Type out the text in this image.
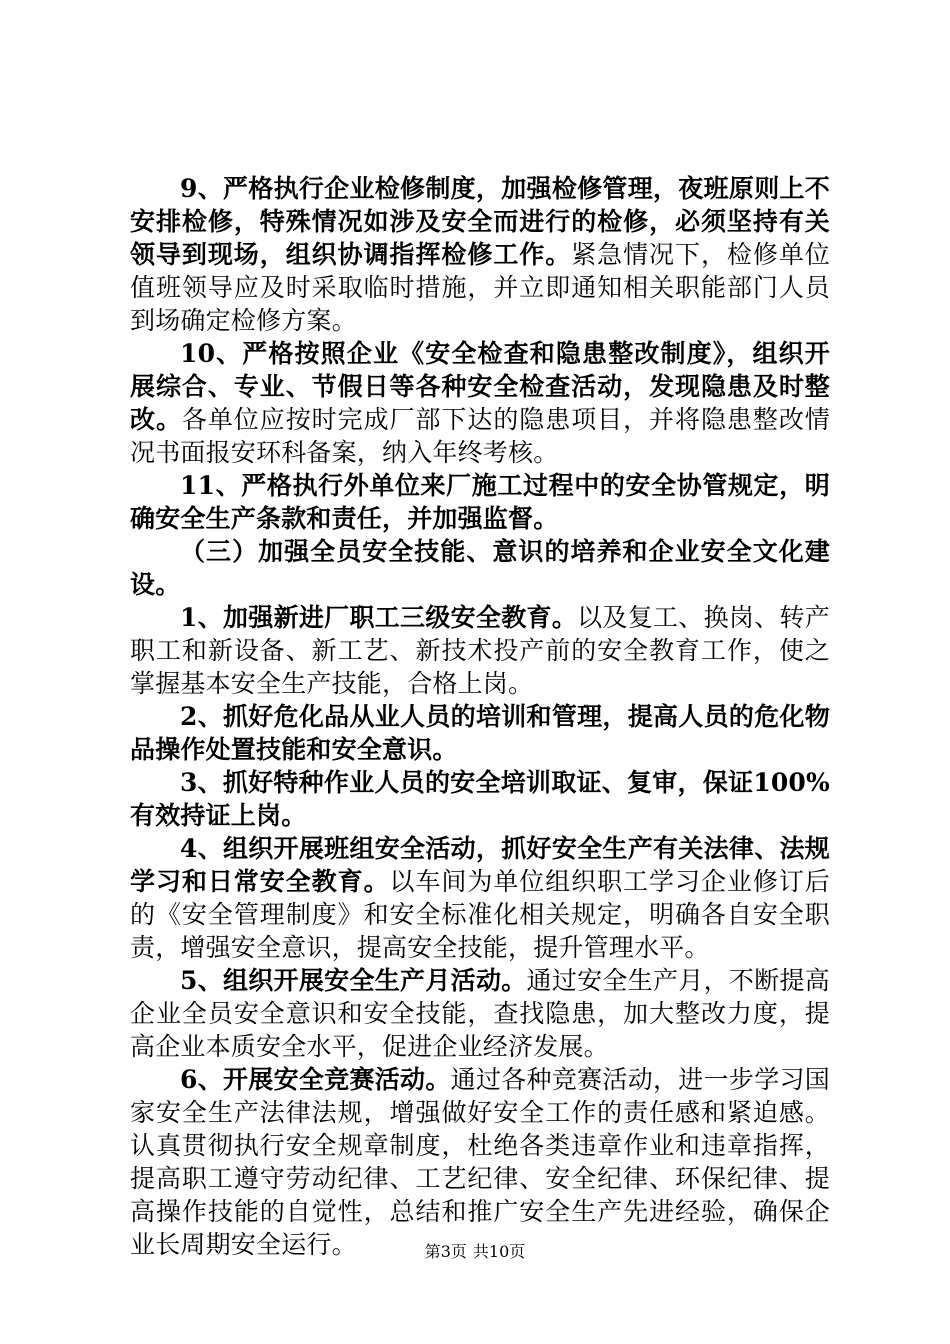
9、严格执行企业检修制度，加强检修管理，夜班原则上不安排检修，特殊情况如涉及安全而进行的检修，必须坚持有关领导到现场，组织协调指挥检修工作。紧急情况下，检修单位值班领导应及时采取临时措施，并立即通知相关职能部门人员到场确定检修方案。

10、严格按照企业《安全检查和隐患整改制度》，组织开展综合、专业、节假日等各种安全检查活动，发现隐患及时整改。各单位应按时完成厂部下达的隐患项目，并将隐患整改情况书面报安环科备案，纳入年终考核。

11、严格执行外单位来厂施工过程中的安全协管规定，明确安全生产条款和责任，并加强监督。

（三）加强全员安全技能、意识的培养和企业安全文化建设。

1、加强新进厂职工三级安全教育。以及复工、换岗、转产职工和新设备、新工艺、新技术投产前的安全教育工作，使之掌握基本安全生产技能，合格上岗。

2、抓好危化品从业人员的培训和管理，提高人员的危化物品操作处置技能和安全意识。

3、抓好特种作业人员的安全培训取证、复审，保证100%有效持证上岗。

4、组织开展班组安全活动，抓好安全生产有关法律、法规学习和日常安全教育。以车间为单位组织职工学习企业修订后的《安全管理制度》和安全标准化相关规定，明确各自安全职责，增强安全意识，提高安全技能，提升管理水平。

5、组织开展安全生产月活动。通过安全生产月，不断提高企业全员安全意识和安全技能，查找隐患，加大整改力度，提高企业本质安全水平，促进企业经济发展。

6、开展安全竞赛活动。通过各种竞赛活动，进一步学习国家安全生产法律法规，增强做好安全工作的责任感和紧迫感。认真贯彻执行安全规章制度，杜绝各类违章作业和违章指挥，提高职工遵守劳动纪律、工艺纪律、安全纪律、环保纪律、提高操作技能的自觉性，总结和推广安全生产先进经验，确保企业长周期安全运行。	第3页 共10页
